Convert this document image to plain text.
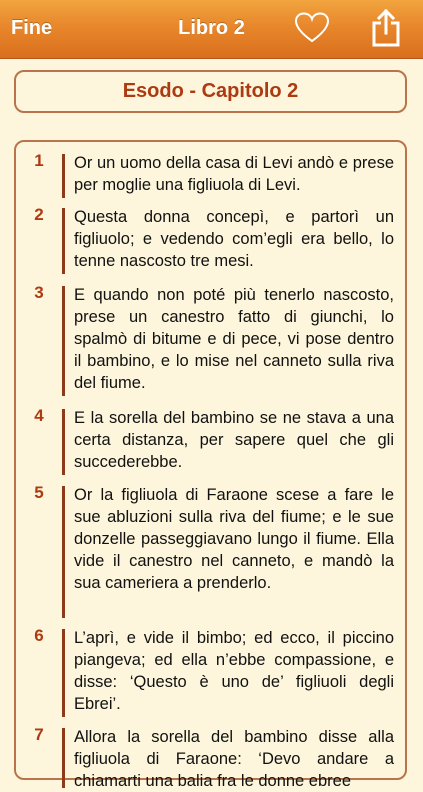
Fine	Libro 2
Esodo - Capitolo 2
1	Or un uomo della casa di Levi andò e prese per moglie una figliuola di Levi.
2	Questa donna concepì, e partorì un figliuolo; e vedendo com’egli era bello, lo tenne nascosto tre mesi.
3	E quando non poté più tenerlo nascosto, prese un canestro fatto di giunchi, lo spalmò di bitume e di pece, vi pose dentro il bambino, e lo mise nel canneto sulla riva del fiume.
4	E la sorella del bambino se ne stava a una certa distanza, per sapere quel che gli succederebbe.
5	Or la figliuola di Faraone scese a fare le sue abluzioni sulla riva del fiume; e le sue donzelle passeggiavano lungo il fiume. Ella vide il canestro nel canneto, e mandò la sua cameriera a prenderlo.
6	L’aprì, e vide il bimbo; ed ecco, il piccino piangeva; ed ella n’ebbe compassione, e disse: ‘Questo è uno de’ figliuoli degli Ebrei’.
7	Allora la sorella del bambino disse alla figliuola di Faraone: ‘Devo andare a chiamarti una balia fra le donne ebree
